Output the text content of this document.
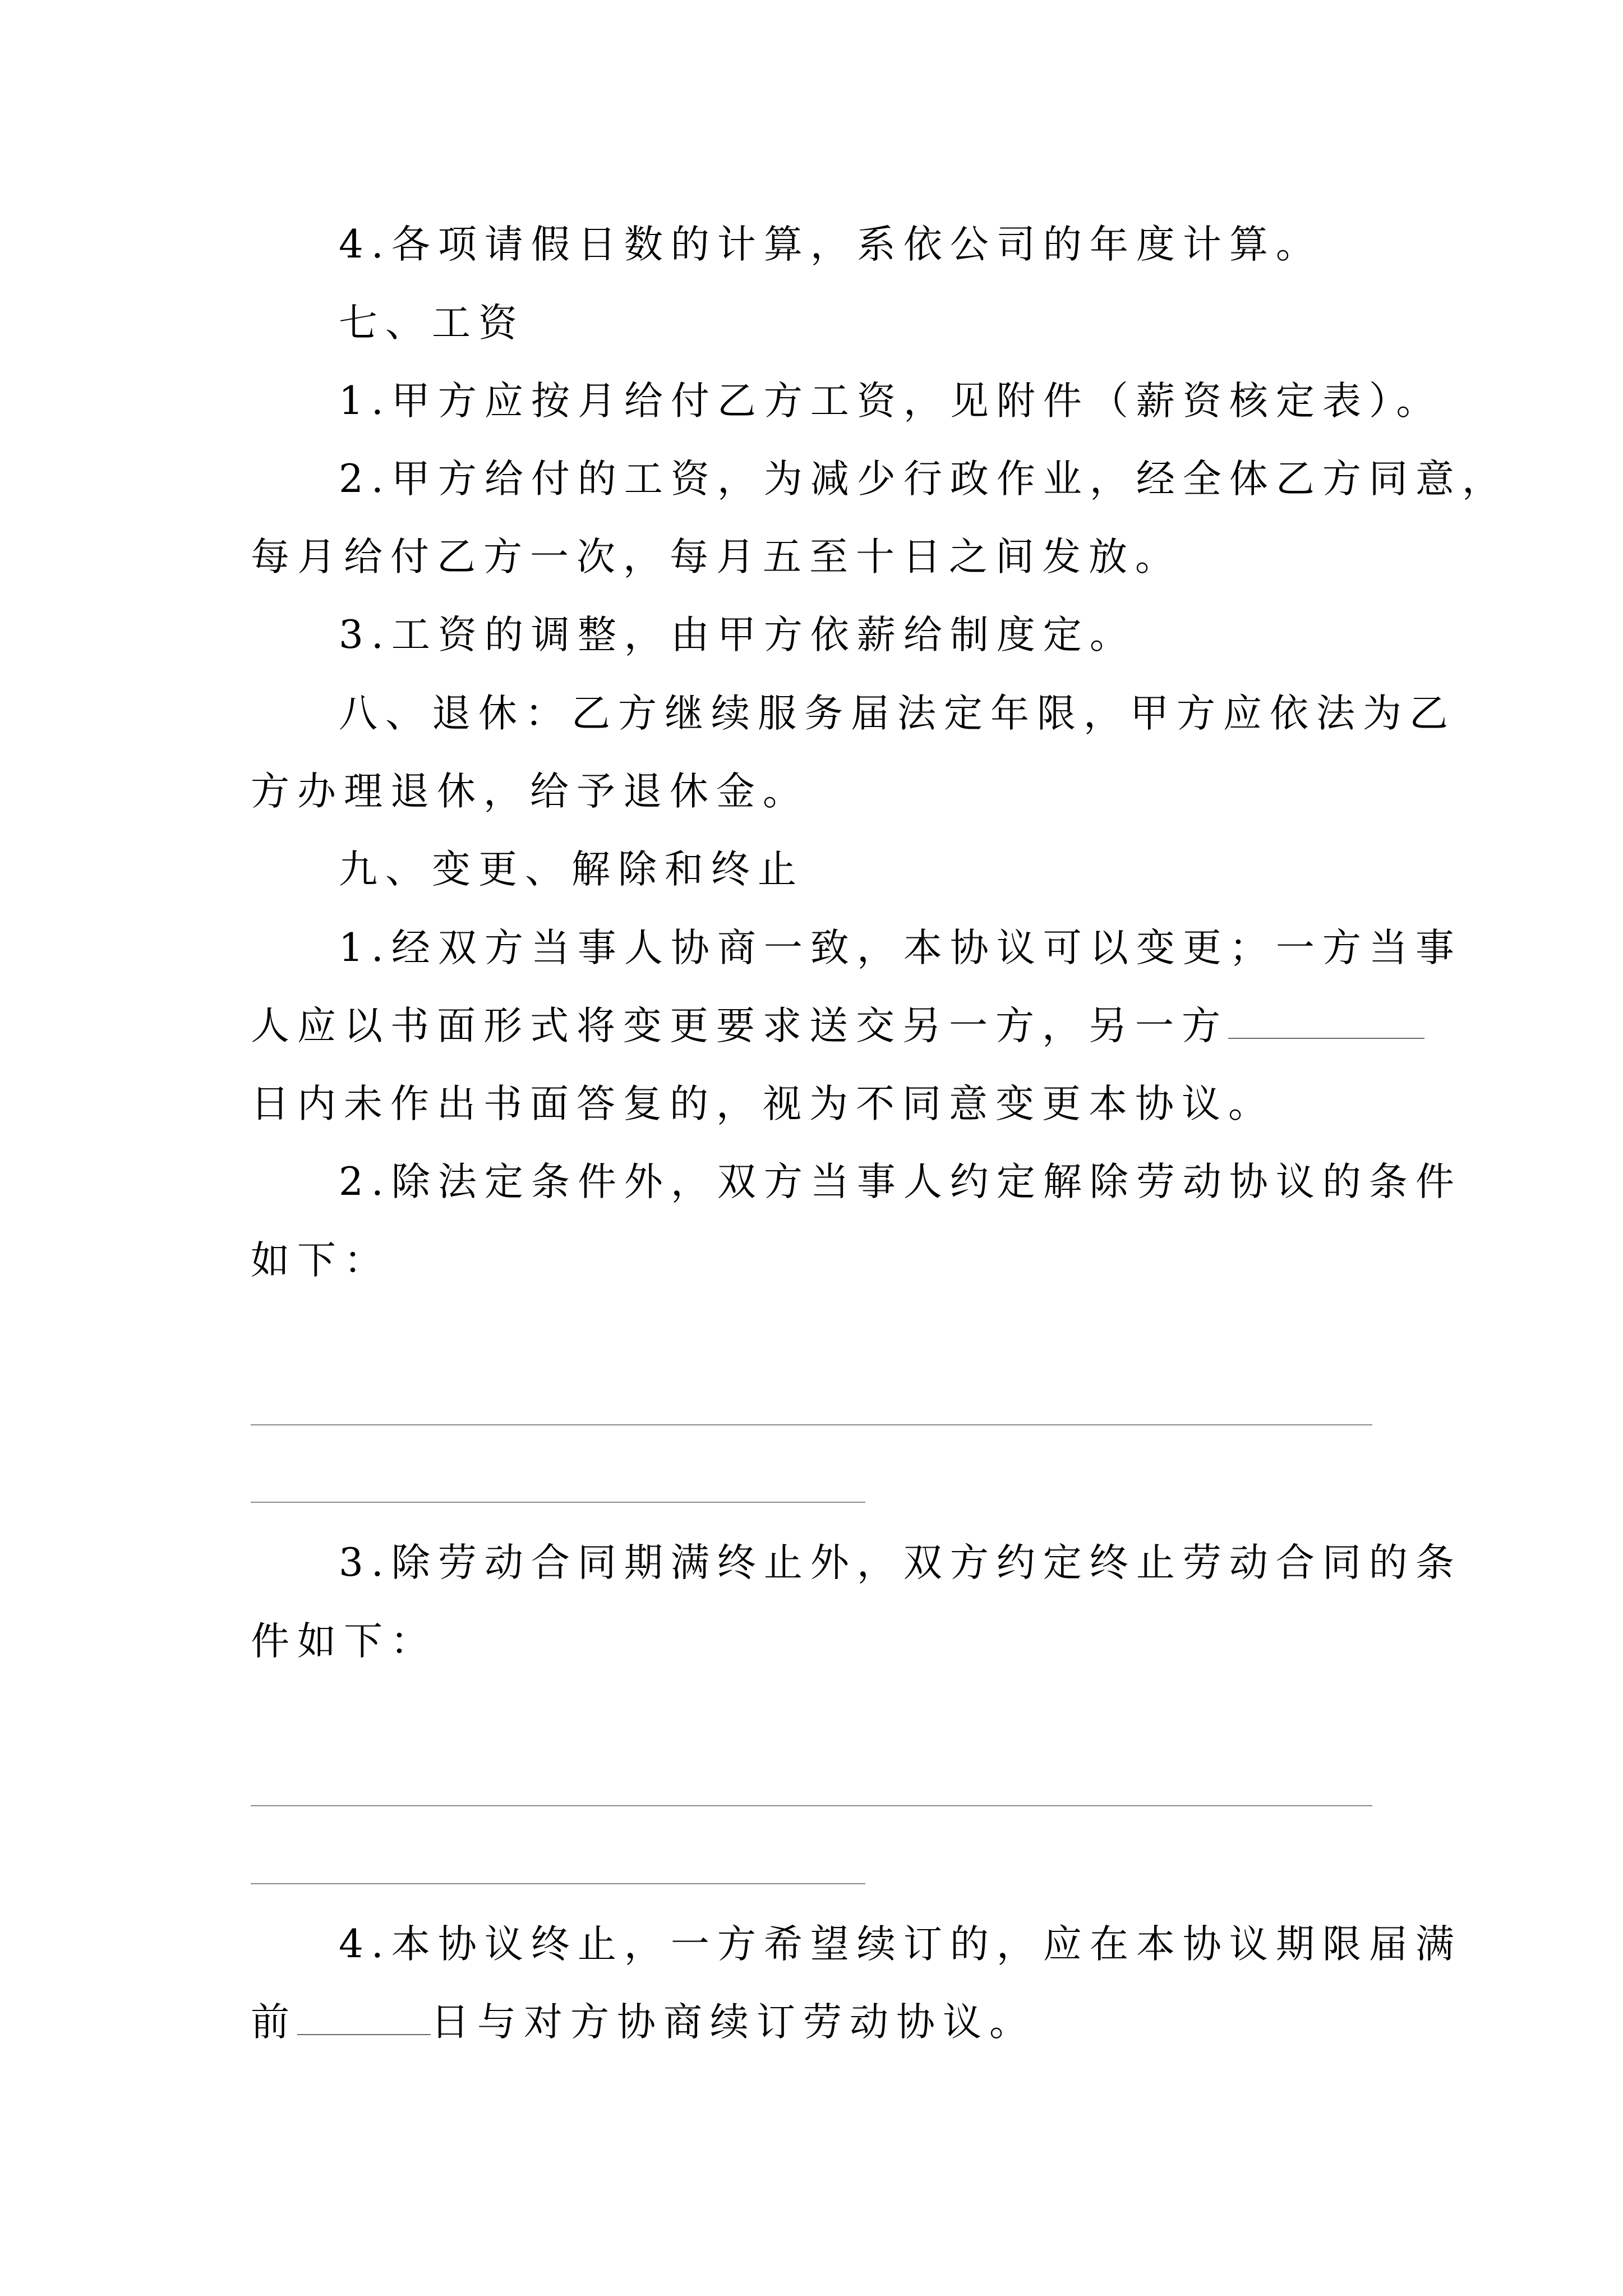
4.各项请假日数的计算，系依公司的年度计算。
七、工资
1.甲方应按月给付乙方工资，见附件（薪资核定表）。
2.甲方给付的工资，为减少行政作业，经全体乙方同意，
每月给付乙方一次，每月五至十日之间发放。
3.工资的调整，由甲方依薪给制度定。
八、退休：乙方继续服务届法定年限，甲方应依法为乙
方办理退休，给予退休金。
九、变更、解除和终止
1.经双方当事人协商一致，本协议可以变更；一方当事
人应以书面形式将变更要求送交另一方，另一方
日内未作出书面答复的，视为不同意变更本协议。
2.除法定条件外，双方当事人约定解除劳动协议的条件
如下：
3.除劳动合同期满终止外，双方约定终止劳动合同的条
件如下：
4.本协议终止，一方希望续订的，应在本协议期限届满
前	日与对方协商续订劳动协议。
